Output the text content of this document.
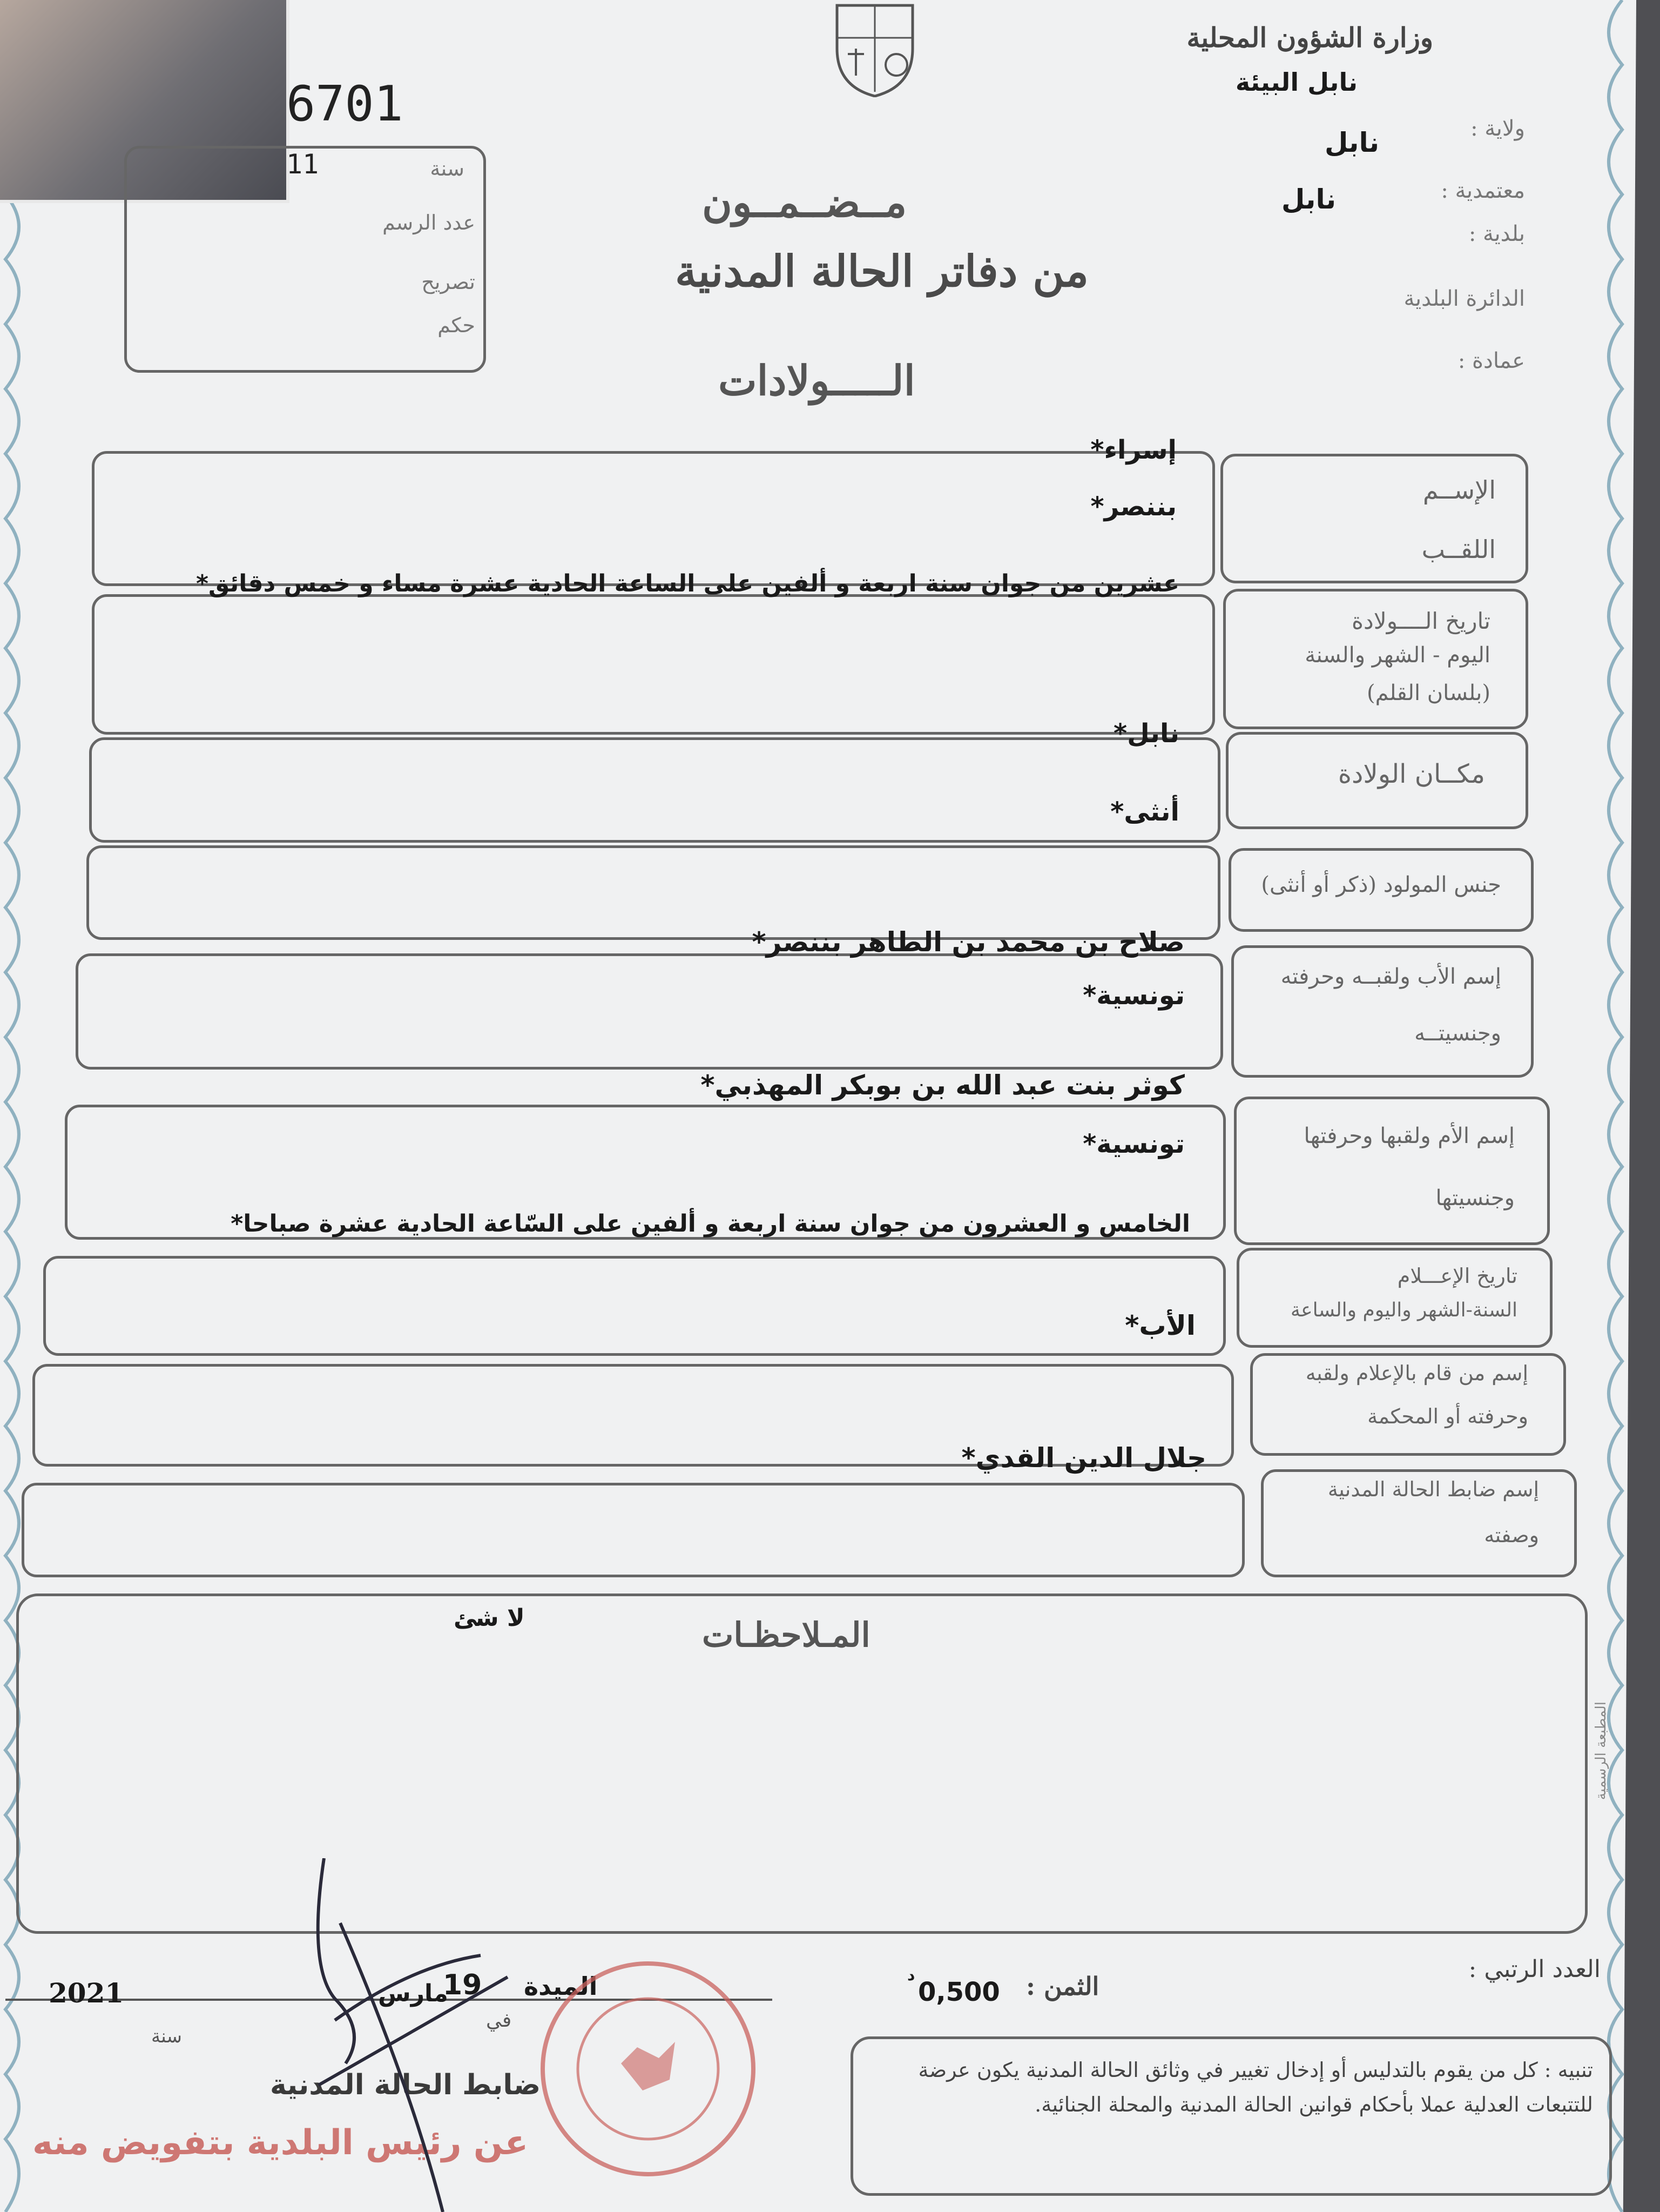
وزارة الشؤون المحلية
نابل البيئة
ولاية :
نابل
معتمدية :
نابل
بلدية :
الدائرة البلدية
عمادة :
6701
11	سنة
عدد الرسم
تصريح
حكم
مــضــمــون
من دفاتر الحالة المدنية
الـــــولادات
الإســم
اللقــب
إسراء*
بننصر*
تاريخ الــــولادة
اليوم - الشهر والسنة
(بلسان القلم)
عشرين من جوان سنة اربعة و ألفين على الساعة الحادية عشرة مساء و خمس دقائق*
مكــان الولادة
نابل*
جنس المولود (ذكر أو أنثى)
أنثى*
إسم الأب ولقبــه وحرفته
وجنسيتــه
صلاح بن محمد بن الطاهر بننصر*
تونسية*
إسم الأم ولقبها وحرفتها
وجنسيتها
كوثر بنت عبد الله بن بوبكر المهذبي*
تونسية*
تاريخ الإعـــلام
السنة-الشهر واليوم والساعة
الخامس و العشرون من جوان سنة اربعة و ألفين على السّاعة الحادية عشرة صباحا*
إسم من قام بالإعلام ولقبه
وحرفته أو المحكمة
الأب*
إسم ضابط الحالة المدنية
وصفته
جلال الدين القدي*
المـلاحظـات
لا شئ
المطبعة الرسمية
العدد الرتبي :
الثمن :
0,500
د
الميدة
في
19
مارس
2021
سنة
ضابط الحالة المدنية
عن رئيس البلدية بتفويض منه
تنبيه : كل من يقوم بالتدليس أو إدخال تغيير في وثائق الحالة المدنية يكون عرضة للتتبعات العدلية عملا بأحكام قوانين الحالة المدنية والمحلة الجنائية.
